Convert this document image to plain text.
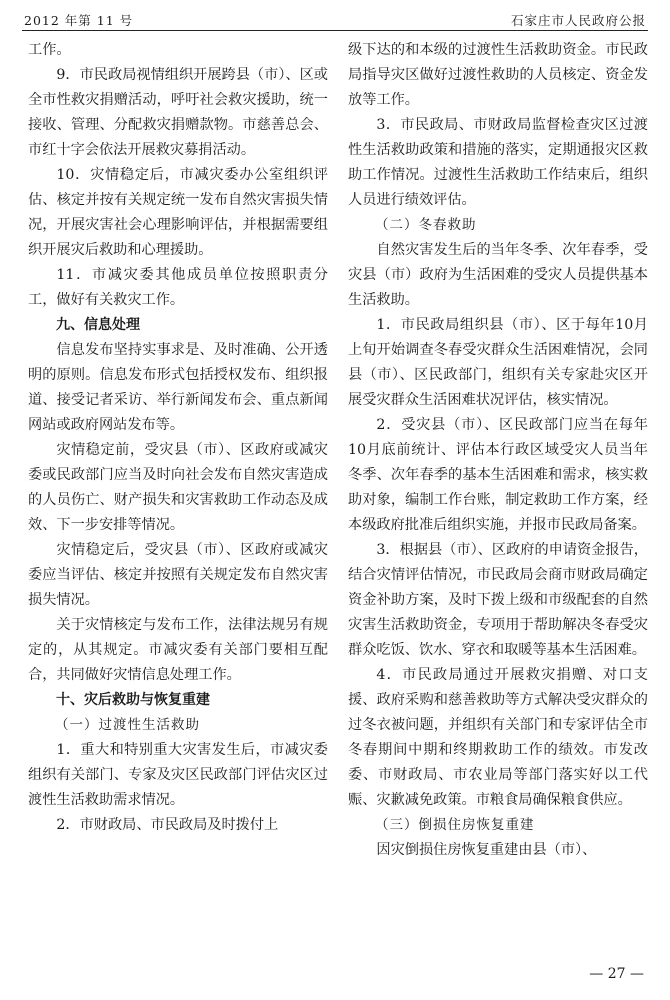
2012 年第 11 号	石家庄市人民政府公报

工作。

9．市民政局视情组织开展跨县（市）、区或全市性救灾捐赠活动，呼吁社会救灾援助，统一接收、管理、分配救灾捐赠款物。市慈善总会、市红十字会依法开展救灾募捐活动。

10．灾情稳定后，市减灾委办公室组织评估、核定并按有关规定统一发布自然灾害损失情况，开展灾害社会心理影响评估，并根据需要组织开展灾后救助和心理援助。

11．市减灾委其他成员单位按照职责分工，做好有关救灾工作。

九、信息处理

信息发布坚持实事求是、及时准确、公开透明的原则。信息发布形式包括授权发布、组织报道、接受记者采访、举行新闻发布会、重点新闻网站或政府网站发布等。

灾情稳定前，受灾县（市）、区政府或减灾委或民政部门应当及时向社会发布自然灾害造成的人员伤亡、财产损失和灾害救助工作动态及成效、下一步安排等情况。

灾情稳定后，受灾县（市）、区政府或减灾委应当评估、核定并按照有关规定发布自然灾害损失情况。

关于灾情核定与发布工作，法律法规另有规定的，从其规定。市减灾委有关部门要相互配合，共同做好灾情信息处理工作。

十、灾后救助与恢复重建

（一）过渡性生活救助

1．重大和特别重大灾害发生后，市减灾委组织有关部门、专家及灾区民政部门评估灾区过渡性生活救助需求情况。

2．市财政局、市民政局及时拨付上

级下达的和本级的过渡性生活救助资金。市民政局指导灾区做好过渡性救助的人员核定、资金发放等工作。

3．市民政局、市财政局监督检查灾区过渡性生活救助政策和措施的落实，定期通报灾区救助工作情况。过渡性生活救助工作结束后，组织人员进行绩效评估。

（二）冬春救助

自然灾害发生后的当年冬季、次年春季，受灾县（市）政府为生活困难的受灾人员提供基本生活救助。

1．市民政局组织县（市）、区于每年10月上旬开始调查冬春受灾群众生活困难情况，会同县（市）、区民政部门，组织有关专家赴灾区开展受灾群众生活困难状况评估，核实情况。

2．受灾县（市）、区民政部门应当在每年10月底前统计、评估本行政区域受灾人员当年冬季、次年春季的基本生活困难和需求，核实救助对象，编制工作台账，制定救助工作方案，经本级政府批准后组织实施，并报市民政局备案。

3．根据县（市）、区政府的申请资金报告，结合灾情评估情况，市民政局会商市财政局确定资金补助方案，及时下拨上级和市级配套的自然灾害生活救助资金，专项用于帮助解决冬春受灾群众吃饭、饮水、穿衣和取暖等基本生活困难。

4．市民政局通过开展救灾捐赠、对口支援、政府采购和慈善救助等方式解决受灾群众的过冬衣被问题，并组织有关部门和专家评估全市冬春期间中期和终期救助工作的绩效。市发改委、市财政局、市农业局等部门落实好以工代赈、灾歉减免政策。市粮食局确保粮食供应。

（三）倒损住房恢复重建

因灾倒损住房恢复重建由县（市）、

— 27 —
